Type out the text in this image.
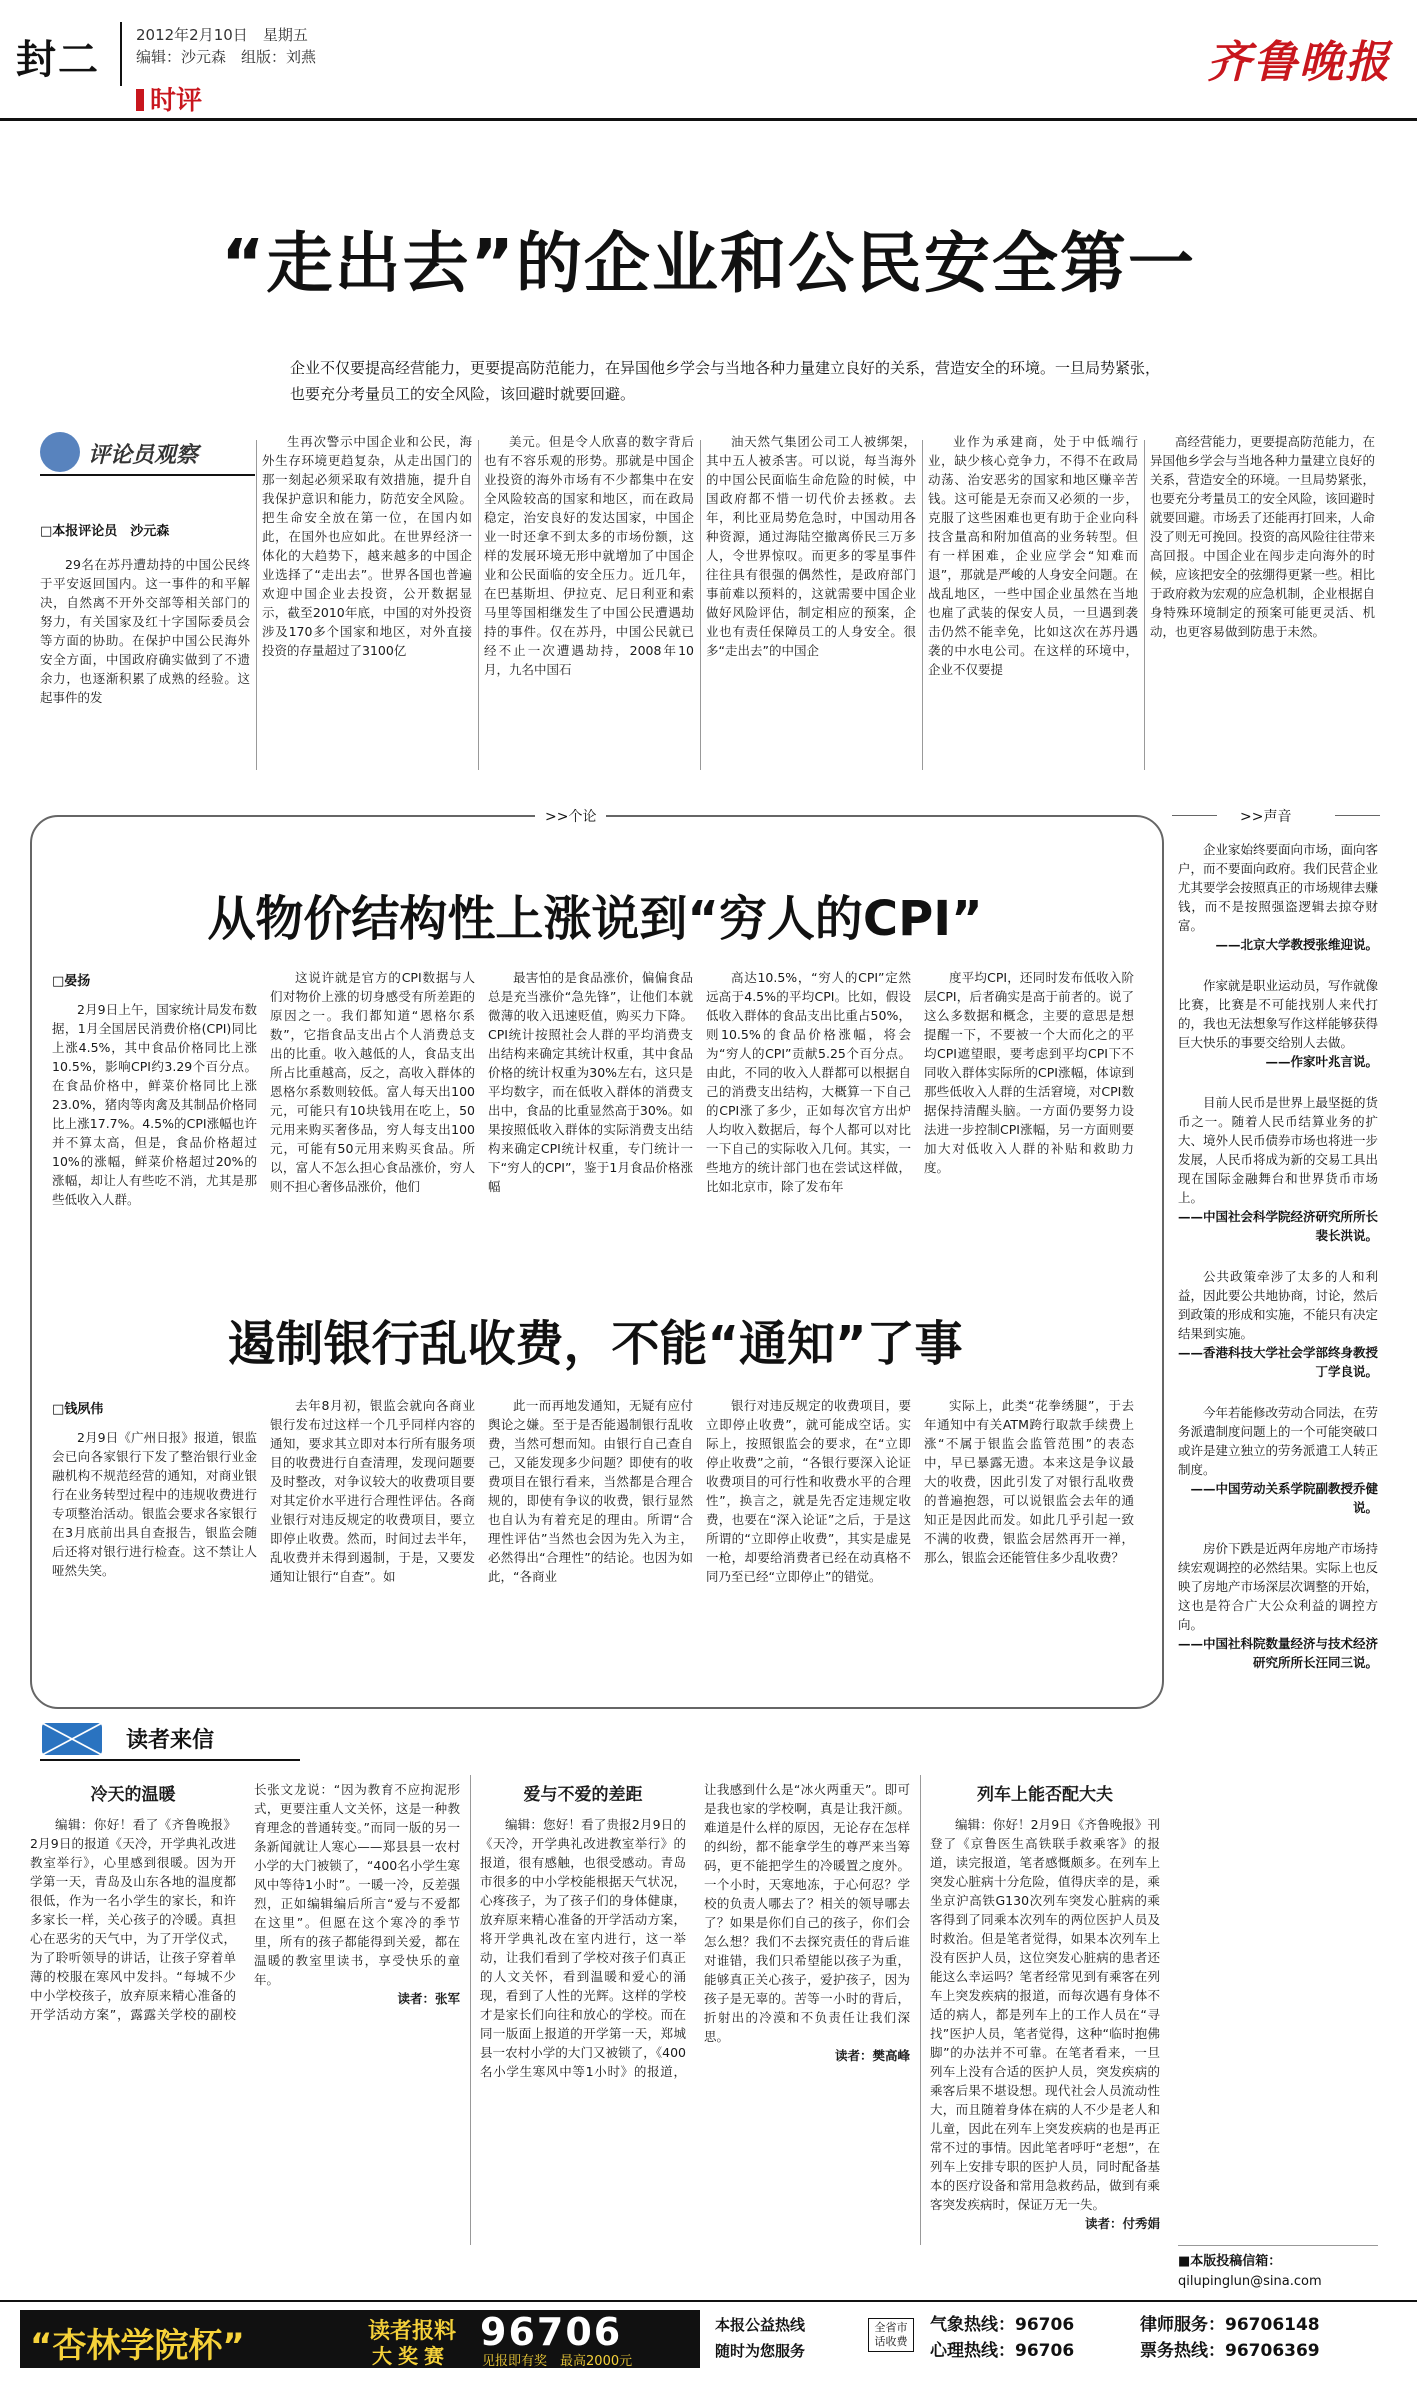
封二
2012年2月10日　 星期五
编辑：沙元森　组版：刘燕
时评
齐鲁晚报
“走出去”的企业和公民安全第一
企业不仅要提高经营能力，更要提高防范能力，在异国他乡学会与当地各种力量建立良好的关系，营造安全的环境。一旦局势紧张，也要充分考量员工的安全风险，该回避时就要回避。
评论员观察
□本报评论员　沙元森

29名在苏丹遭劫持的中国公民终于平安返回国内。这一事件的和平解决，自然离不开外交部等相关部门的努力，有关国家及红十字国际委员会等方面的协助。在保护中国公民海外安全方面，中国政府确实做到了不遗余力，也逐渐积累了成熟的经验。这起事件的发

生再次警示中国企业和公民，海外生存环境更趋复杂，从走出国门的那一刻起必须采取有效措施，提升自我保护意识和能力，防范安全风险。把生命安全放在第一位，在国内如此，在国外也应如此。在世界经济一体化的大趋势下，越来越多的中国企业选择了“走出去”。世界各国也普遍欢迎中国企业去投资，公开数据显示，截至2010年底，中国的对外投资涉及170多个国家和地区，对外直接投资的存量超过了3100亿

美元。但是令人欣喜的数字背后也有不容乐观的形势。那就是中国企业投资的海外市场有不少都集中在安全风险较高的国家和地区，而在政局稳定，治安良好的发达国家，中国企业一时还拿不到太多的市场份额，这样的发展环境无形中就增加了中国企业和公民面临的安全压力。近几年，在巴基斯坦、伊拉克、尼日利亚和索马里等国相继发生了中国公民遭遇劫持的事件。仅在苏丹，中国公民就已经不止一次遭遇劫持，2008年10月，九名中国石

油天然气集团公司工人被绑架，其中五人被杀害。可以说，每当海外的中国公民面临生命危险的时候，中国政府都不惜一切代价去拯救。去年，利比亚局势危急时，中国动用各种资源，通过海陆空撤离侨民三万多人，令世界惊叹。而更多的零星事件往往具有很强的偶然性，是政府部门事前难以预料的，这就需要中国企业做好风险评估，制定相应的预案，企业也有责任保障员工的人身安全。很多“走出去”的中国企

业作为承建商，处于中低端行业，缺少核心竞争力，不得不在政局动荡、治安恶劣的国家和地区赚辛苦钱。这可能是无奈而又必须的一步，克服了这些困难也更有助于企业向科技含量高和附加值高的业务转型。但有一样困难，企业应学会“知难而退”，那就是严峻的人身安全问题。在战乱地区，一些中国企业虽然在当地也雇了武装的保安人员，一旦遇到袭击仍然不能幸免，比如这次在苏丹遇袭的中水电公司。在这样的环境中，企业不仅要提

高经营能力，更要提高防范能力，在异国他乡学会与当地各种力量建立良好的关系，营造安全的环境。一旦局势紧张，也要充分考量员工的安全风险，该回避时就要回避。市场丢了还能再打回来，人命没了则无可挽回。投资的高风险往往带来高回报。中国企业在闯步走向海外的时候，应该把安全的弦绷得更紧一些。相比于政府救为宏观的应急机制，企业根据自身特殊环境制定的预案可能更灵活、机动，也更容易做到防患于未然。

>>个论	>>声音
从物价结构性上涨说到“穷人的CPI”
□晏扬

2月9日上午，国家统计局发布数据，1月全国居民消费价格(CPI)同比上涨4.5%，其中食品价格同比上涨10.5%，影响CPI约3.29个百分点。在食品价格中，鲜菜价格同比上涨23.0%，猪肉等肉禽及其制品价格同比上涨17.7%。4.5%的CPI涨幅也许并不算太高，但是，食品价格超过10%的涨幅，鲜菜价格超过20%的涨幅，却让人有些吃不消，尤其是那些低收入人群。

这说许就是官方的CPI数据与人们对物价上涨的切身感受有所差距的原因之一。我们都知道“恩格尔系数”，它指食品支出占个人消费总支出的比重。收入越低的人，食品支出所占比重越高，反之，高收入群体的恩格尔系数则较低。富人每天出100元，可能只有10块钱用在吃上，50元用来购买奢侈品，穷人每支出100元，可能有50元用来购买食品。所以，富人不怎么担心食品涨价，穷人则不担心奢侈品涨价，他们

最害怕的是食品涨价，偏偏食品总是充当涨价“急先锋”，让他们本就微薄的收入迅速贬值，购买力下降。CPI统计按照社会人群的平均消费支出结构来确定其统计权重，其中食品价格的统计权重为30%左右，这只是平均数字，而在低收入群体的消费支出中，食品的比重显然高于30%。如果按照低收入群体的实际消费支出结构来确定CPI统计权重，专门统计一下“穷人的CPI”，鉴于1月食品价格涨幅

高达10.5%，“穷人的CPI”定然远高于4.5%的平均CPI。比如，假设低收入群体的食品支出比重占50%，则10.5%的食品价格涨幅，将会为“穷人的CPI”贡献5.25个百分点。由此，不同的收入人群都可以根据自己的消费支出结构，大概算一下自己的CPI涨了多少，正如每次官方出炉人均收入数据后，每个人都可以对比一下自己的实际收入几何。其实，一些地方的统计部门也在尝试这样做，比如北京市，除了发布年

度平均CPI，还同时发布低收入阶层CPI，后者确实是高于前者的。说了这么多数据和概念，主要的意思是想提醒一下，不要被一个大而化之的平均CPI遮望眼，要考虑到平均CPI下不同收入群体实际所的CPI涨幅，体谅到那些低收入人群的生活窘境，对CPI数据保持清醒头脑。一方面仍要努力设法进一步控制CPI涨幅，另一方面则要加大对低收入人群的补贴和救助力度。

遏制银行乱收费，不能“通知”了事
□钱夙伟

2月9日《广州日报》报道，银监会已向各家银行下发了整治银行业金融机构不规范经营的通知，对商业银行在业务转型过程中的违规收费进行专项整治活动。银监会要求各家银行在3月底前出具自查报告，银监会随后还将对银行进行检查。这不禁让人哑然失笑。

去年8月初，银监会就向各商业银行发布过这样一个几乎同样内容的通知，要求其立即对本行所有服务项目的收费进行自查清理，发现问题要及时整改，对争议较大的收费项目要对其定价水平进行合理性评估。各商业银行对违反规定的收费项目，要立即停止收费。然而，时间过去半年，乱收费并未得到遏制，于是，又要发通知让银行“自查”。如

此一而再地发通知，无疑有应付舆论之嫌。至于是否能遏制银行乱收费，当然可想而知。由银行自己查自己，又能发现多少问题？即使有的收费项目在银行看来，当然都是合理合规的，即使有争议的收费，银行显然也自认为有着充足的理由。所谓“合理性评估”当然也会因为先入为主，必然得出“合理性”的结论。也因为如此，“各商业

银行对违反规定的收费项目，要立即停止收费”，就可能成空话。实际上，按照银监会的要求，在“立即停止收费”之前，“各银行要深入论证收费项目的可行性和收费水平的合理性”，换言之，就是先否定违规定收费，也要在“深入论证”之后，于是这所谓的“立即停止收费”，其实是虚晃一枪，却要给消费者已经在动真格不同乃至已经“立即停止”的错觉。

实际上，此类“花拳绣腿”，于去年通知中有关ATM跨行取款手续费上涨“不属于银监会监管范围”的表态中，早已暴露无遗。本来这是争议最大的收费，因此引发了对银行乱收费的普遍抱怨，可以说银监会去年的通知正是因此而发。如此几乎引起一致不满的收费，银监会居然再开一禅，那么，银监会还能管住多少乱收费？

企业家始终要面向市场，面向客户，而不要面向政府。我们民营企业尤其要学会按照真正的市场规律去赚钱，而不是按照强盗逻辑去掠夺财富。
——北京大学教授张维迎说。
作家就是职业运动员，写作就像比赛，比赛是不可能找别人来代打的，我也无法想象写作这样能够获得巨大快乐的事要交给别人去做。
——作家叶兆言说。
目前人民币是世界上最坚挺的货币之一。随着人民币结算业务的扩大、境外人民币债券市场也将进一步发展，人民币将成为新的交易工具出现在国际金融舞台和世界货币市场上。
——中国社会科学院经济研究所所长裴长洪说。
公共政策牵涉了太多的人和利益，因此要公共地协商，讨论，然后到政策的形成和实施，不能只有决定结果到实施。
——香港科技大学社会学部终身教授丁学良说。
今年若能修改劳动合同法，在劳务派遣制度问题上的一个可能突破口或许是建立独立的劳务派遣工人转正制度。
——中国劳动关系学院副教授乔健说。
房价下跌是近两年房地产市场持续宏观调控的必然结果。实际上也反映了房地产市场深层次调整的开始，这也是符合广大公众利益的调控方向。
——中国社科院数量经济与技术经济研究所所长汪同三说。
■本版投稿信箱：
qilupinglun@sina.com
读者来信
冷天的温暖

编辑：你好！看了《齐鲁晚报》2月9日的报道《天冷，开学典礼改进教室举行》，心里感到很暖。因为开学第一天，青岛及山东各地的温度都很低，作为一名小学生的家长，和许多家长一样，关心孩子的冷暖。真担心在恶劣的天气中，为了开学仪式，为了聆听领导的讲话，让孩子穿着单薄的校服在寒风中发抖。“每城不少中小学校孩子，放弃原来精心准备的开学活动方案”，露露关学校的副校长张文龙说：“因为教育不应拘泥形式，更要注重人文关怀，这是一种教育理念的普通转变。”而同一版的另一条新闻就让人寒心——郑县县一农村小学的大门被锁了，“400名小学生寒风中等待1小时”。一暖一冷，反差强烈，正如编辑编后所言“爱与不爱都在这里”。但愿在这个寒冷的季节里，所有的孩子都能得到关爱，都在温暖的教室里读书，享受快乐的童年。

读者：张军
爱与不爱的差距

编辑：您好！看了贵报2月9日的《天冷，开学典礼改进教室举行》的报道，很有感触，也很受感动。青岛市很多的中小学校能根据天气状况，心疼孩子，为了孩子们的身体健康，放弃原来精心准备的开学活动方案，将开学典礼改在室内进行，这一举动，让我们看到了学校对孩子们真正的人文关怀，看到温暖和爱心的涌现，看到了人性的光辉。这样的学校才是家长们向往和放心的学校。而在同一版面上报道的开学第一天，郑城县一农村小学的大门又被锁了，《400名小学生寒风中等1小时》的报道，让我感到什么是“冰火两重天”。即可是我也家的学校啊，真是让我汗颜。难道是什么样的原因，无论存在怎样的纠纷，都不能拿学生的尊严来当筹码，更不能把学生的冷暖置之度外。一个小时，天寒地冻，于心何忍？学校的负责人哪去了？相关的领导哪去了？如果是你们自己的孩子，你们会怎么想？我们不去探究责任的背后谁对谁错，我们只希望能以孩子为重，能够真正关心孩子，爱护孩子，因为孩子是无辜的。苦等一小时的背后，折射出的冷漠和不负责任让我们深思。

读者：樊高峰
列车上能否配大夫

编辑：你好！2月9日《齐鲁晚报》刊登了《京鲁医生高铁联手救乘客》的报道，读完报道，笔者感慨颇多。在列车上突发心脏病十分危险，值得庆幸的是，乘坐京沪高铁G130次列车突发心脏病的乘客得到了同乘本次列车的两位医护人员及时救治。但是笔者觉得，如果本次列车上没有医护人员，这位突发心脏病的患者还能这么幸运吗？笔者经常见到有乘客在列车上突发疾病的报道，而每次遇有身体不适的病人，都是列车上的工作人员在“寻找”医护人员，笔者觉得，这种“临时抱佛脚”的办法并不可靠。在笔者看来，一旦列车上没有合适的医护人员，突发疾病的乘客后果不堪设想。现代社会人员流动性大，而且随着身体在病的人不少是老人和儿童，因此在列车上突发疾病的也是再正常不过的事情。因此笔者呼吁“老想”，在列车上安排专职的医护人员，同时配备基本的医疗设备和常用急救药品，做到有乘客突发疾病时，保证万无一失。

读者：付秀娟
“杏林学院杯”	读者报料
大奖赛
96706
见报即有奖　 最高2000元
本报公益热线
随时为您服务
全省市话收费
气象热线：96706	律师服务：96706148
心理热线：96706	票务热线：96706369
